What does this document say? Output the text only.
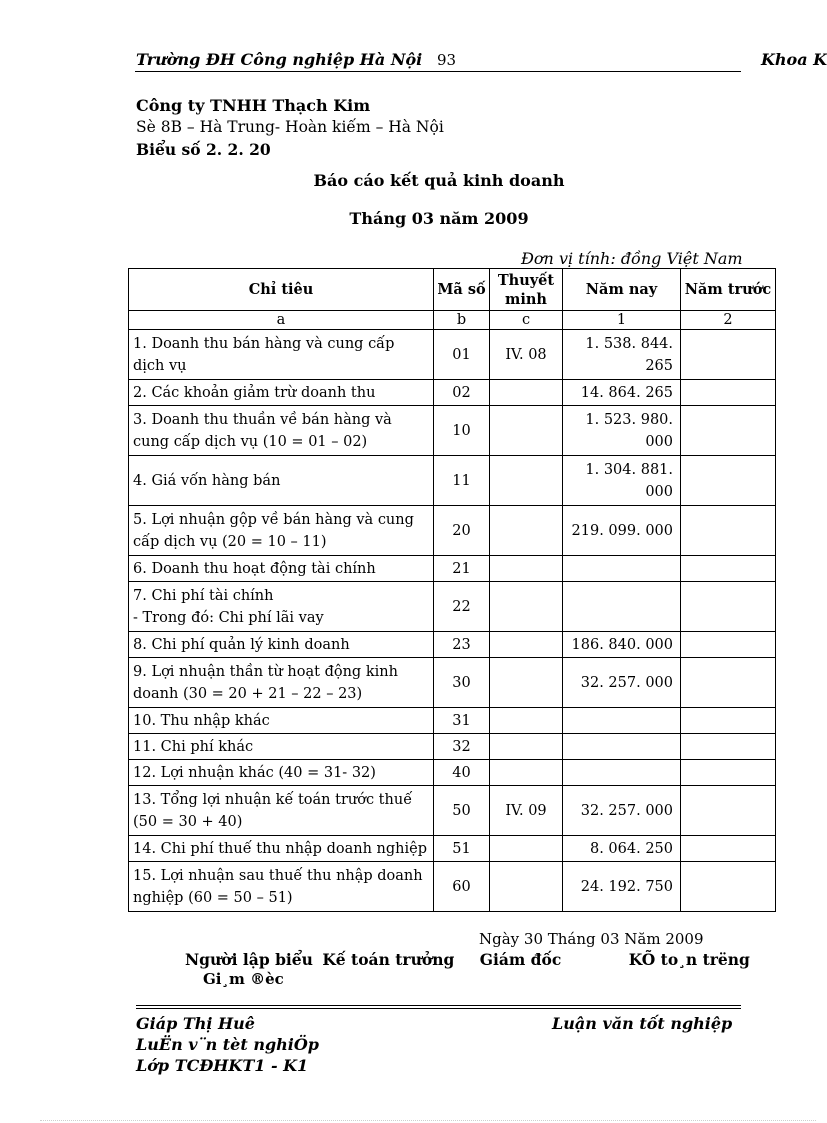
Trường ĐH Công nghiệp Hà Nội 93	Khoa K
Công ty TNHH Thạch Kim
Sè 8B – Hà Trung- Hoàn kiếm – Hà Nội
Biểu số 2. 2. 20
Báo cáo kết quả kinh doanh
Tháng 03 năm 2009
Đơn vị tính: đồng Việt Nam
Chỉ tiêu	Mã số	Thuyết minh	Năm nay	Năm trước
a	b	c	1	2

1. Doanh thu bán hàng và cung cấp dịch vụ	01	IV. 08	1. 538. 844. 265	

2. Các khoản giảm trừ doanh thu	02		14. 864. 265	

3. Doanh thu thuần về bán hàng và cung cấp dịch vụ (10 = 01 – 02)	10		1. 523. 980. 000	

4. Giá vốn hàng bán	11		1. 304. 881. 000	

5. Lợi nhuận gộp về bán hàng và cung cấp dịch vụ (20 = 10 – 11)	20		219. 099. 000	

6. Doanh thu hoạt động tài chính	21			

7. Chi phí tài chính
- Trong đó: Chi phí lãi vay	22			

8. Chi phí quản lý kinh doanh	23		186. 840. 000	

9. Lợi nhuận thần từ hoạt động kinh doanh (30 = 20 + 21 – 22 – 23)	30		32. 257. 000	

10. Thu nhập khác	31			

11. Chi phí khác	32			

12. Lợi nhuận khác (40 = 31- 32)	40			

13. Tổng lợi nhuận kế toán trước thuế (50 = 30 + 40)	50	IV. 09	32. 257. 000	

14. Chi phí thuế thu nhập doanh nghiệp	51		8. 064. 250	

15. Lợi nhuận sau thuế thu nhập doanh nghiệp (60 = 50 – 51)	60		24. 192. 750	
Ngày 30 Tháng 03 Năm 2009
Người lập biểu Kế toán trưởng Giám đốc	KÕ to¸n trëng
Gi¸m ®èc
Giáp Thị Huê	Luận văn tốt nghiệp
LuËn v¨n tèt nghiÖp
Lớp TCĐHKT1 - K1
